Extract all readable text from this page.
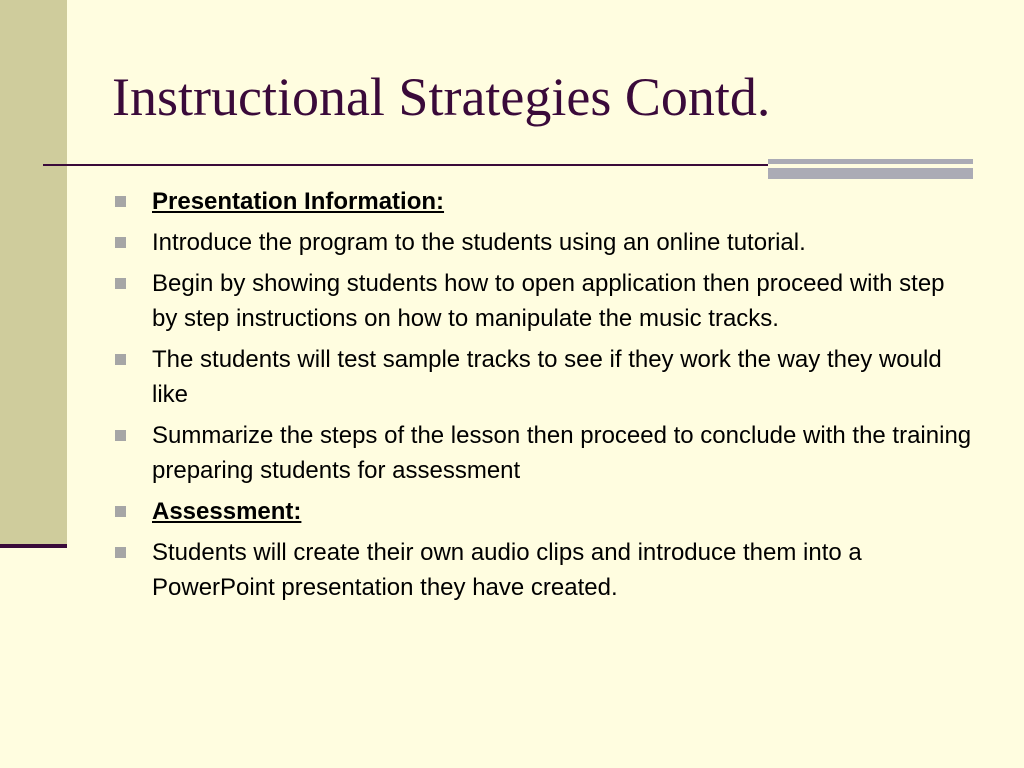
Instructional Strategies Contd.
Presentation Information:
Introduce the program to the students using an online tutorial.
Begin by showing students how to open application then proceed with step by step instructions on how to manipulate the music tracks.
The students will test sample tracks to see if they work the way they would like
Summarize the steps of the lesson then proceed to conclude with the training preparing students for assessment
Assessment:
Students will create their own audio clips and introduce them into a PowerPoint presentation they have created.
